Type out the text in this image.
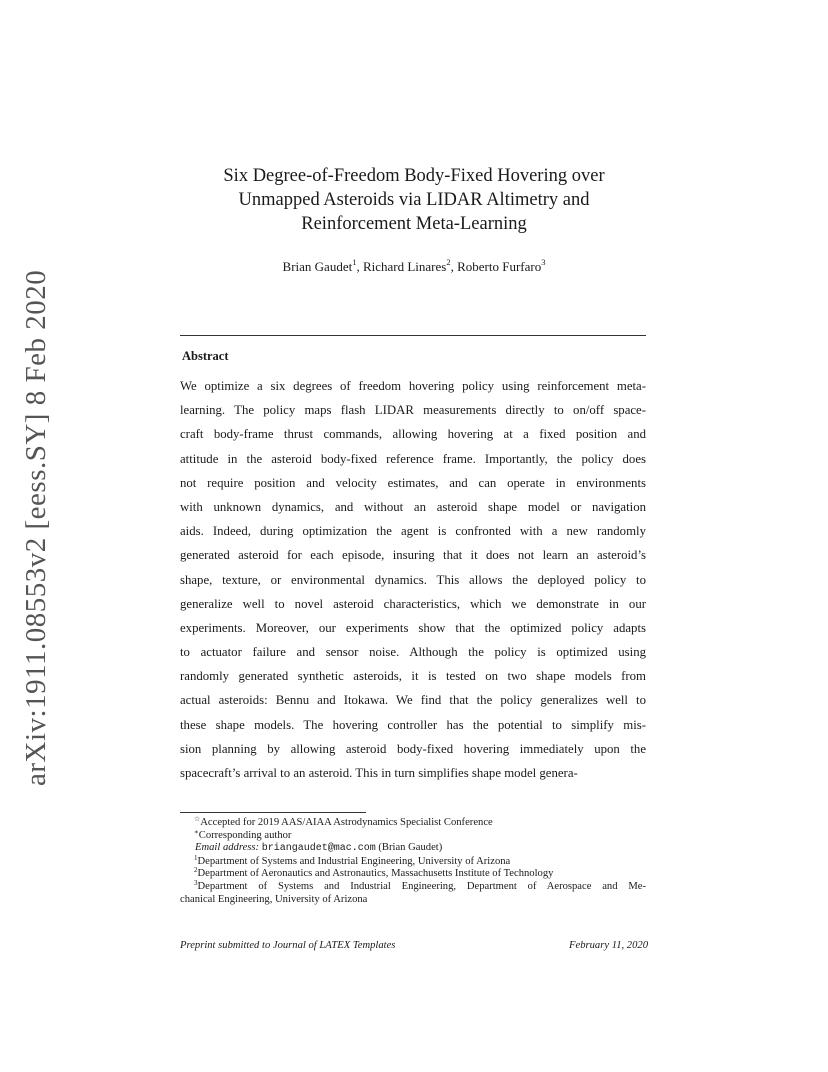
arXiv:1911.08553v2 [eess.SY] 8 Feb 2020
Six Degree-of-Freedom Body-Fixed Hovering over
Unmapped Asteroids via LIDAR Altimetry and
Reinforcement Meta-Learning
Brian Gaudet$^1$, Richard Linares$^2$, Roberto Furfaro$^3$
Abstract
We optimize a six degrees of freedom hovering policy using reinforcement meta-
learning. The policy maps flash LIDAR measurements directly to on/off space-
craft body-frame thrust commands, allowing hovering at a fixed position and
attitude in the asteroid body-fixed reference frame. Importantly, the policy does
not require position and velocity estimates, and can operate in environments
with unknown dynamics, and without an asteroid shape model or navigation
aids. Indeed, during optimization the agent is confronted with a new randomly
generated asteroid for each episode, insuring that it does not learn an asteroid’s
shape, texture, or environmental dynamics. This allows the deployed policy to
generalize well to novel asteroid characteristics, which we demonstrate in our
experiments. Moreover, our experiments show that the optimized policy adapts
to actuator failure and sensor noise. Although the policy is optimized using
randomly generated synthetic asteroids, it is tested on two shape models from
actual asteroids: Bennu and Itokawa. We find that the policy generalizes well to
these shape models. The hovering controller has the potential to simplify mis-
sion planning by allowing asteroid body-fixed hovering immediately upon the
spacecraft’s arrival to an asteroid. This in turn simplifies shape model genera-
☆Accepted for 2019 AAS/AIAA Astrodynamics Specialist Conference
∗Corresponding author
Email address: briangaudet@mac.com (Brian Gaudet)
$^1$Department of Systems and Industrial Engineering, University of Arizona
$^2$Department of Aeronautics and Astronautics, Massachusetts Institute of Technology
$^3$Department of Systems and Industrial Engineering, Department of Aerospace and Me-
chanical Engineering, University of Arizona
Preprint submitted to Journal of LATEX Templates	February 11, 2020
